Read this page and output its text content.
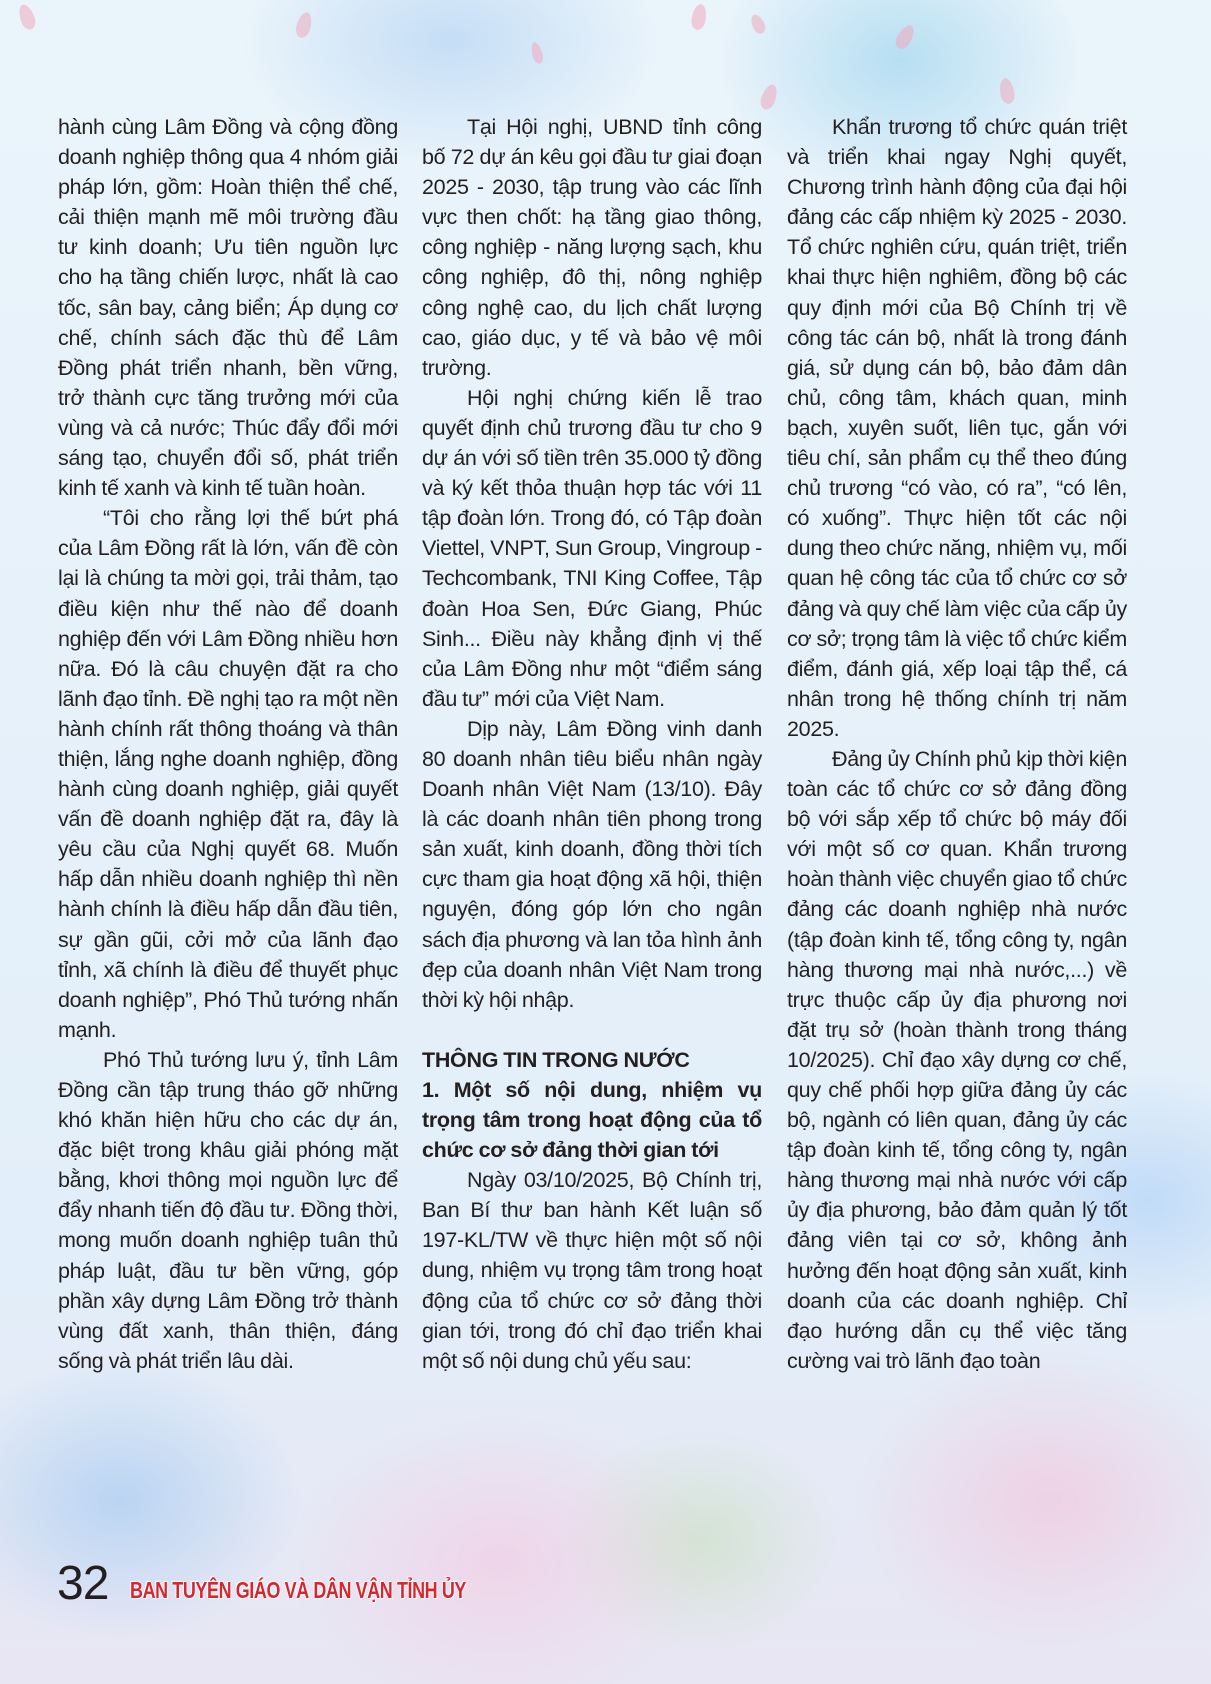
hành cùng Lâm Đồng và cộng đồng doanh nghiệp thông qua 4 nhóm giải pháp lớn, gồm: Hoàn thiện thể chế, cải thiện mạnh mẽ môi trường đầu tư kinh doanh; Ưu tiên nguồn lực cho hạ tầng chiến lược, nhất là cao tốc, sân bay, cảng biển; Áp dụng cơ chế, chính sách đặc thù để Lâm Đồng phát triển nhanh, bền vững, trở thành cực tăng trưởng mới của vùng và cả nước; Thúc đẩy đổi mới sáng tạo, chuyển đổi số, phát triển kinh tế xanh và kinh tế tuần hoàn.

“Tôi cho rằng lợi thế bứt phá của Lâm Đồng rất là lớn, vấn đề còn lại là chúng ta mời gọi, trải thảm, tạo điều kiện như thế nào để doanh nghiệp đến với Lâm Đồng nhiều hơn nữa. Đó là câu chuyện đặt ra cho lãnh đạo tỉnh. Đề nghị tạo ra một nền hành chính rất thông thoáng và thân thiện, lắng nghe doanh nghiệp, đồng hành cùng doanh nghiệp, giải quyết vấn đề doanh nghiệp đặt ra, đây là yêu cầu của Nghị quyết 68. Muốn hấp dẫn nhiều doanh nghiệp thì nền hành chính là điều hấp dẫn đầu tiên, sự gần gũi, cởi mở của lãnh đạo tỉnh, xã chính là điều để thuyết phục doanh nghiệp”, Phó Thủ tướng nhấn mạnh.

Phó Thủ tướng lưu ý, tỉnh Lâm Đồng cần tập trung tháo gỡ những khó khăn hiện hữu cho các dự án, đặc biệt trong khâu giải phóng mặt bằng, khơi thông mọi nguồn lực để đẩy nhanh tiến độ đầu tư. Đồng thời, mong muốn doanh nghiệp tuân thủ pháp luật, đầu tư bền vững, góp phần xây dựng Lâm Đồng trở thành vùng đất xanh, thân thiện, đáng sống và phát triển lâu dài.

Tại Hội nghị, UBND tỉnh công bố 72 dự án kêu gọi đầu tư giai đoạn 2025 - 2030, tập trung vào các lĩnh vực then chốt: hạ tầng giao thông, công nghiệp - năng lượng sạch, khu công nghiệp, đô thị, nông nghiệp công nghệ cao, du lịch chất lượng cao, giáo dục, y tế và bảo vệ môi trường.

Hội nghị chứng kiến lễ trao quyết định chủ trương đầu tư cho 9 dự án với số tiền trên 35.000 tỷ đồng và ký kết thỏa thuận hợp tác với 11 tập đoàn lớn. Trong đó, có Tập đoàn Viettel, VNPT, Sun Group, Vingroup - Techcombank, TNI King Coffee, Tập đoàn Hoa Sen, Đức Giang, Phúc Sinh... Điều này khẳng định vị thế của Lâm Đồng như một “điểm sáng đầu tư” mới của Việt Nam.

Dịp này, Lâm Đồng vinh danh 80 doanh nhân tiêu biểu nhân ngày Doanh nhân Việt Nam (13/10). Đây là các doanh nhân tiên phong trong sản xuất, kinh doanh, đồng thời tích cực tham gia hoạt động xã hội, thiện nguyện, đóng góp lớn cho ngân sách địa phương và lan tỏa hình ảnh đẹp của doanh nhân Việt Nam trong thời kỳ hội nhập.

THÔNG TIN TRONG NƯỚC

1. Một số nội dung, nhiệm vụ trọng tâm trong hoạt động của tổ chức cơ sở đảng thời gian tới

Ngày 03/10/2025, Bộ Chính trị, Ban Bí thư ban hành Kết luận số 197-KL/TW về thực hiện một số nội dung, nhiệm vụ trọng tâm trong hoạt động của tổ chức cơ sở đảng thời gian tới, trong đó chỉ đạo triển khai một số nội dung chủ yếu sau:

Khẩn trương tổ chức quán triệt và triển khai ngay Nghị quyết, Chương trình hành động của đại hội đảng các cấp nhiệm kỳ 2025 - 2030. Tổ chức nghiên cứu, quán triệt, triển khai thực hiện nghiêm, đồng bộ các quy định mới của Bộ Chính trị về công tác cán bộ, nhất là trong đánh giá, sử dụng cán bộ, bảo đảm dân chủ, công tâm, khách quan, minh bạch, xuyên suốt, liên tục, gắn với tiêu chí, sản phẩm cụ thể theo đúng chủ trương “có vào, có ra”, “có lên, có xuống”. Thực hiện tốt các nội dung theo chức năng, nhiệm vụ, mối quan hệ công tác của tổ chức cơ sở đảng và quy chế làm việc của cấp ủy cơ sở; trọng tâm là việc tổ chức kiểm điểm, đánh giá, xếp loại tập thể, cá nhân trong hệ thống chính trị năm 2025.

Đảng ủy Chính phủ kịp thời kiện toàn các tổ chức cơ sở đảng đồng bộ với sắp xếp tổ chức bộ máy đối với một số cơ quan. Khẩn trương hoàn thành việc chuyển giao tổ chức đảng các doanh nghiệp nhà nước (tập đoàn kinh tế, tổng công ty, ngân hàng thương mại nhà nước,...) về trực thuộc cấp ủy địa phương nơi đặt trụ sở (hoàn thành trong tháng 10/2025). Chỉ đạo xây dựng cơ chế, quy chế phối hợp giữa đảng ủy các bộ, ngành có liên quan, đảng ủy các tập đoàn kinh tế, tổng công ty, ngân hàng thương mại nhà nước với cấp ủy địa phương, bảo đảm quản lý tốt đảng viên tại cơ sở, không ảnh hưởng đến hoạt động sản xuất, kinh doanh của các doanh nghiệp. Chỉ đạo hướng dẫn cụ thể việc tăng cường vai trò lãnh đạo toàn

32 BAN TUYÊN GIÁO VÀ DÂN VẬN TỈNH ỦY
